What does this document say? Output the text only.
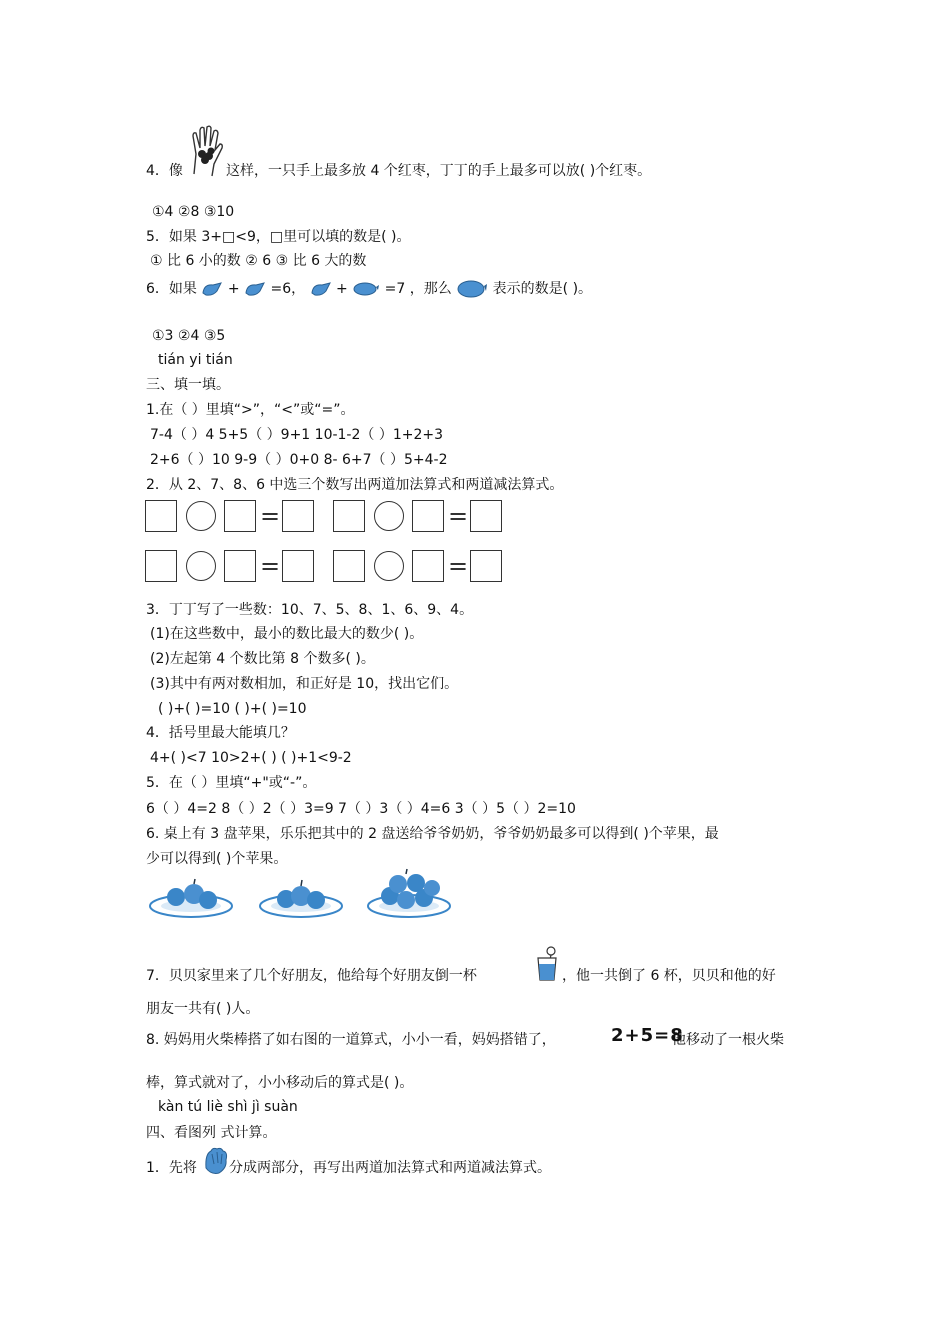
4．像	这样，一只手上最多放 4 个红枣，丁丁的手上最多可以放( )个红枣。
①4 ②8 ③10
5．如果 3+□<9，□里可以填的数是( )。
① 比 6 小的数 ② 6 ③ 比 6 大的数
6．如果 + =6， +	=7 ，那么	表示的数是( )。
①3 ②4 ③5
tián yi tián
三、填一填。
1.在（ ）里填“>”，“<”或“=”。
7-4（ ）4 5+5（ ）9+1 10-1-2（ ）1+2+3
2+6（ ）10 9-9（ ）0+0 8- 6+7（ ）5+4-2
2．从 2、7、8、6 中选三个数写出两道加法算式和两道减法算式。
=	=
=	=
3．丁丁写了一些数：10、7、5、8、1、6、9、4。
(1)在这些数中，最小的数比最大的数少( )。
(2)左起第 4 个数比第 8 个数多( )。
(3)其中有两对数相加，和正好是 10，找出它们。
( )+( )=10 ( )+( )=10
4．括号里最大能填几？
4+( )<7 10>2+( ) ( )+1<9-2
5．在（ ）里填“+"或“-”。
6（ ）4=2 8（ ）2（ ）3=9 7（ ）3（ ）4=6 3（ ）5（ ）2=10
6. 桌上有 3 盘苹果，乐乐把其中的 2 盘送给爷爷奶奶，爷爷奶奶最多可以得到( )个苹果，最
少可以得到( )个苹果。
7．贝贝家里来了几个好朋友，他给每个好朋友倒一杯	，他一共倒了 6 杯，贝贝和他的好
朋友一共有( )人。
8. 妈妈用火柴棒搭了如右图的一道算式，小小一看，妈妈搭错了，	2+5=8
他移动了一根火柴
棒，算式就对了，小小移动后的算式是( )。
kàn tú liè shì jì suàn
四、看图列 式计算。
1．先将 分成两部分，再写出两道加法算式和两道减法算式。
